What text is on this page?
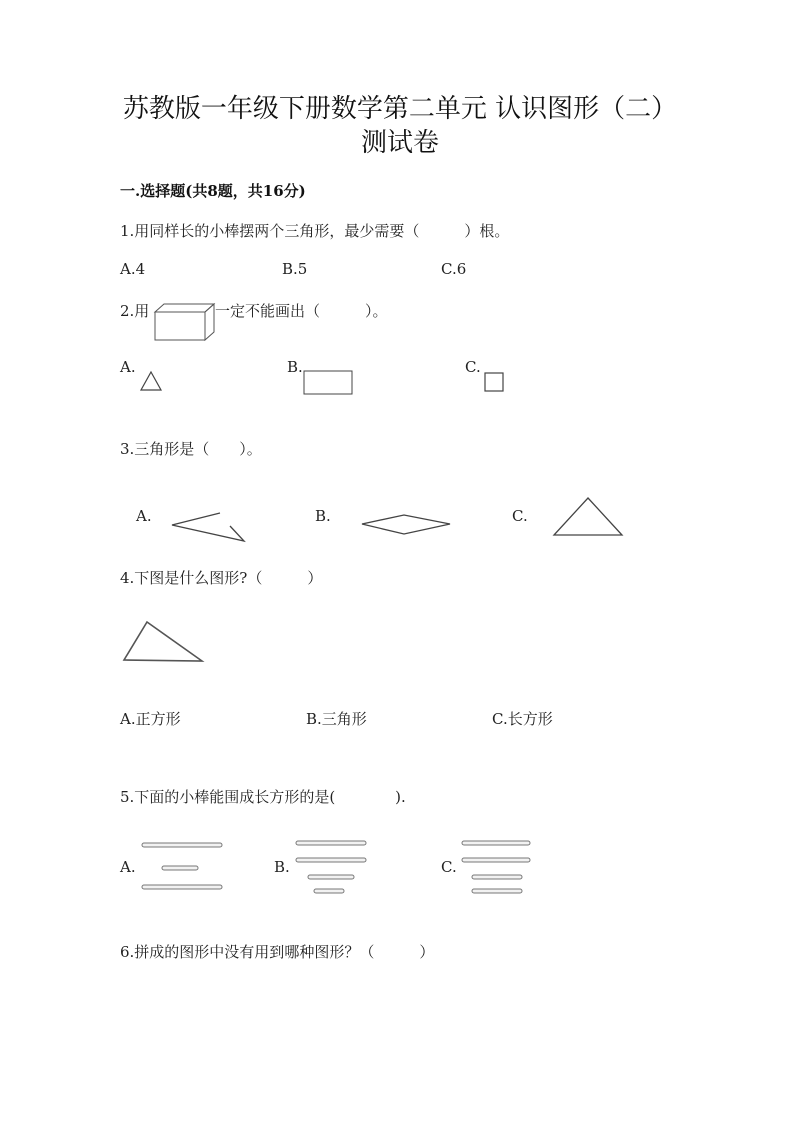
苏教版一年级下册数学第二单元 认识图形（二）
测试卷
一.选择题(共8题，共16分)
1.用同样长的小棒摆两个三角形，最少需要（　　　）根。
A.4	B.5	C.6
2.用	一定不能画出（　　　）。
A.	B.	C.
3.三角形是（　　）。
A.	B.	C.
4.下图是什么图形?（　　　）
A.正方形	B.三角形	C.长方形
5.下面的小棒能围成长方形的是(　　　　).
A.	B.	C.
6.拼成的图形中没有用到哪种图形？（　　　）
